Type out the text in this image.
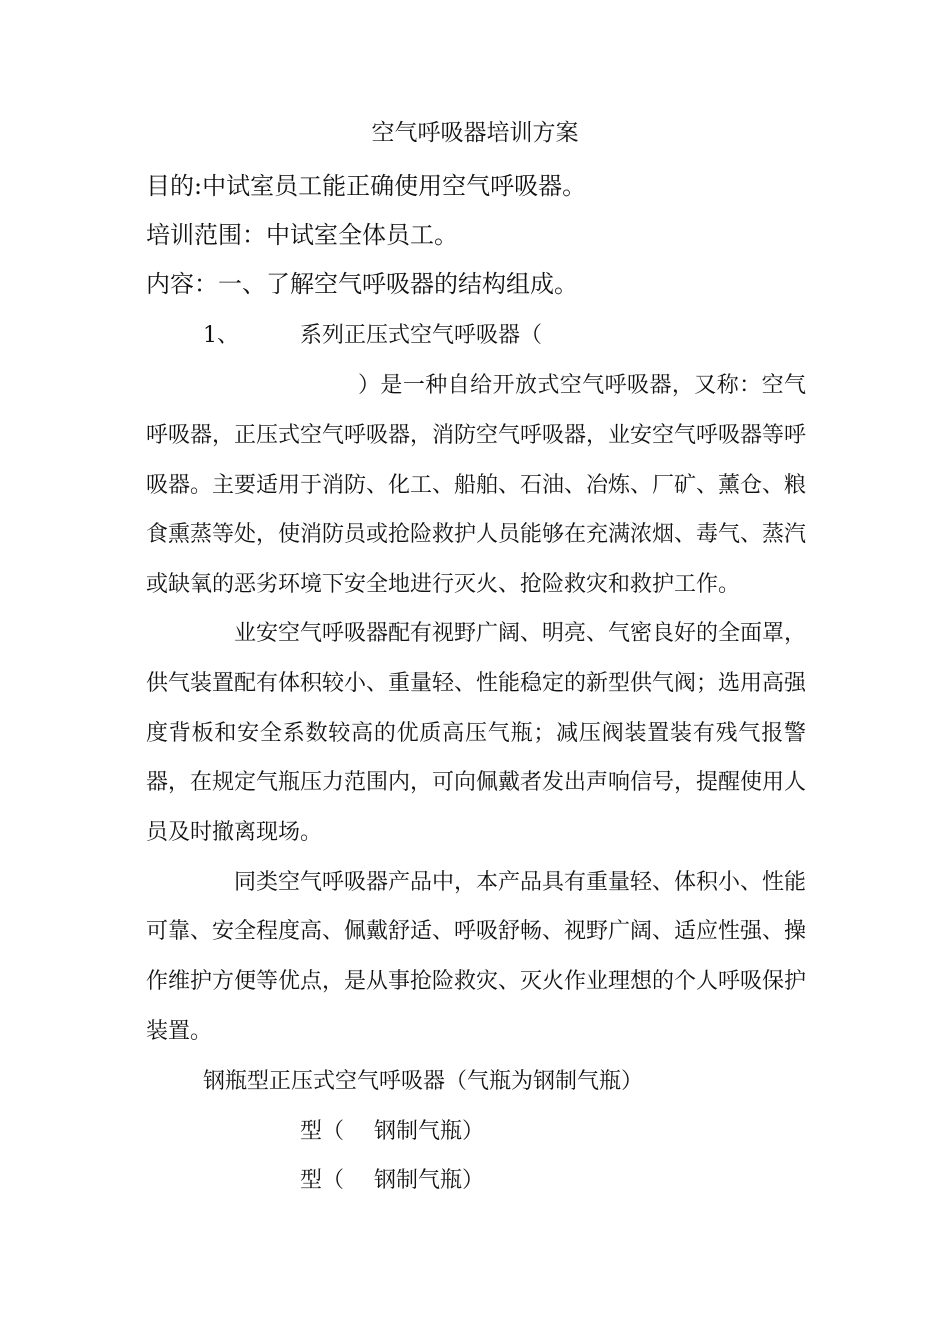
空气呼吸器培训方案
目的:中试室员工能正确使用空气呼吸器。
培训范围：中试室全体员工。
内容：一、了解空气呼吸器的结构组成。
1、	系列正压式空气呼吸器（
）是一种自给开放式空气呼吸器，又称：空气
呼吸器，正压式空气呼吸器，消防空气呼吸器，业安空气呼吸器等呼
吸器。主要适用于消防、化工、船舶、石油、冶炼、厂矿、薰仓、粮
食熏蒸等处，使消防员或抢险救护人员能够在充满浓烟、毒气、蒸汽
或缺氧的恶劣环境下安全地进行灭火、抢险救灾和救护工作。
业安空气呼吸器配有视野广阔、明亮、气密良好的全面罩，
供气装置配有体积较小、重量轻、性能稳定的新型供气阀；选用高强
度背板和安全系数较高的优质高压气瓶；减压阀装置装有残气报警
器，在规定气瓶压力范围内，可向佩戴者发出声响信号，提醒使用人
员及时撤离现场。
同类空气呼吸器产品中，本产品具有重量轻、体积小、性能
可靠、安全程度高、佩戴舒适、呼吸舒畅、视野广阔、适应性强、操
作维护方便等优点，是从事抢险救灾、灭火作业理想的个人呼吸保护
装置。
钢瓶型正压式空气呼吸器（气瓶为钢制气瓶）
型（ 钢制气瓶）
型（ 钢制气瓶）
